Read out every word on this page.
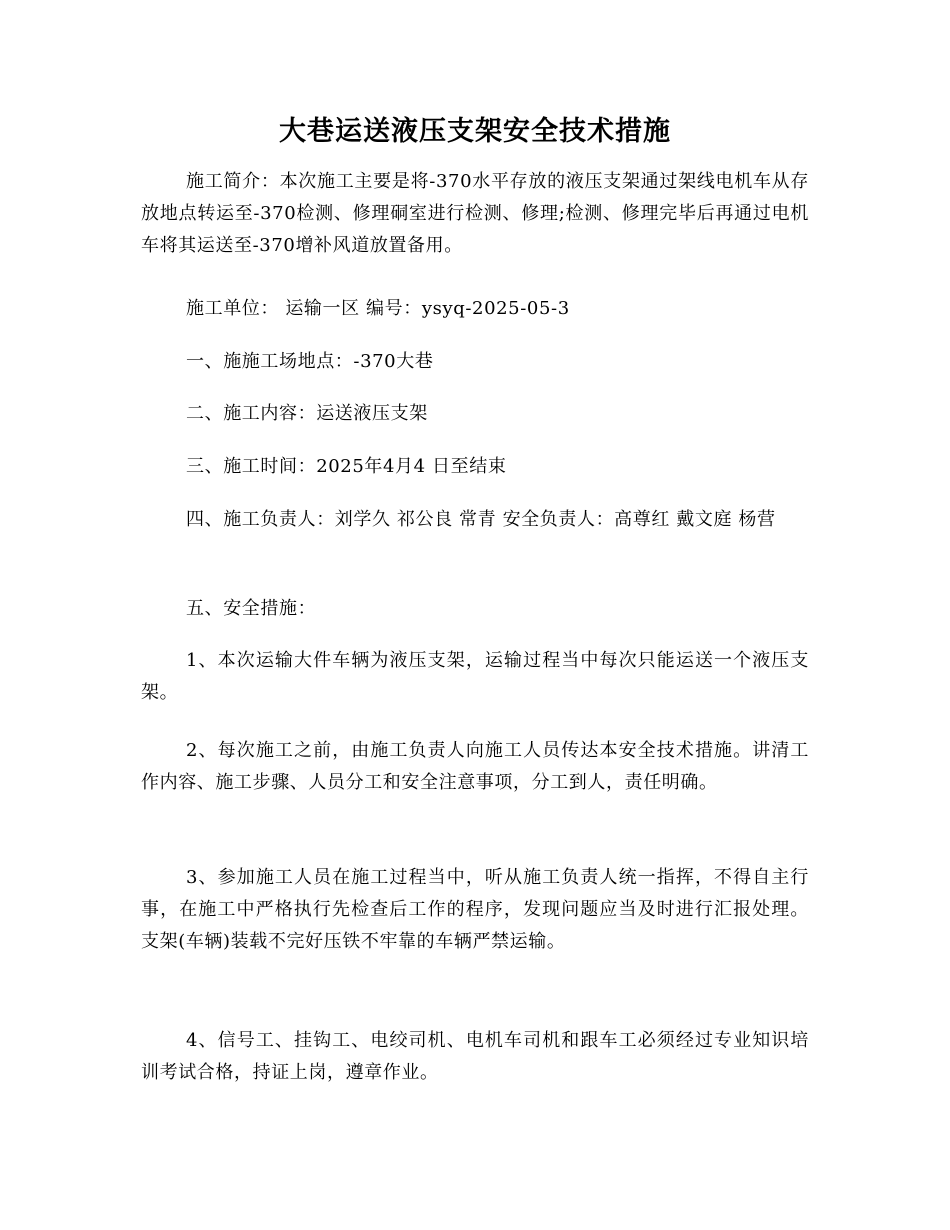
大巷运送液压支架安全技术措施

施工简介：本次施工主要是将-370水平存放的液压支架通过架线电机车从存放地点转运至-370检测、修理硐室进行检测、修理;检测、修理完毕后再通过电机车将其运送至-370增补风道放置备用。

施工单位： 运输一区 编号：ysyq-2025-05-3

一、施施工场地点：-370大巷

二、施工内容：运送液压支架

三、施工时间：2025年4月4 日至结束

四、施工负责人：刘学久 祁公良 常青 安全负责人：高尊红 戴文庭 杨营

五、安全措施：

1、本次运输大件车辆为液压支架，运输过程当中每次只能运送一个液压支架。

2、每次施工之前，由施工负责人向施工人员传达本安全技术措施。讲清工作内容、施工步骤、人员分工和安全注意事项，分工到人，责任明确。

3、参加施工人员在施工过程当中，听从施工负责人统一指挥，不得自主行事，在施工中严格执行先检查后工作的程序，发现问题应当及时进行汇报处理。支架(车辆)装载不完好压铁不牢靠的车辆严禁运输。

4、信号工、挂钩工、电绞司机、电机车司机和跟车工必须经过专业知识培训考试合格，持证上岗，遵章作业。
